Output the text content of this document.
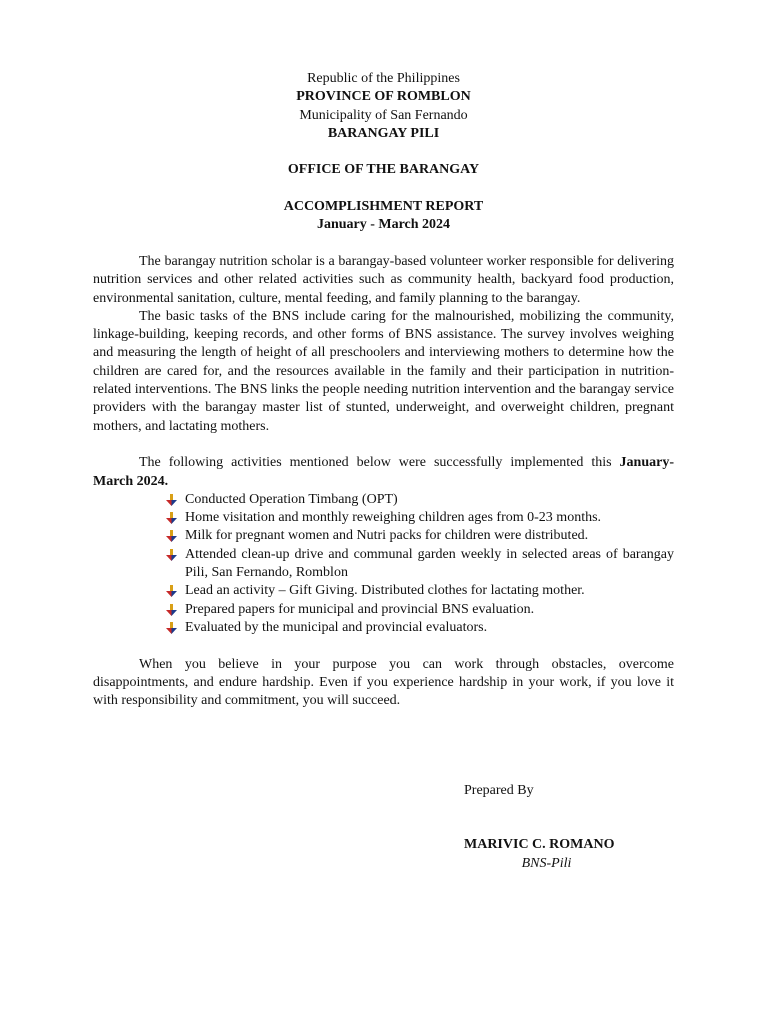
Republic of the Philippines
PROVINCE OF ROMBLON
Municipality of San Fernando
BARANGAY PILI
OFFICE OF THE BARANGAY
ACCOMPLISHMENT REPORT
January - March 2024

The barangay nutrition scholar is a barangay-based volunteer worker responsible for delivering nutrition services and other related activities such as community health, backyard food production, environmental sanitation, culture, mental feeding, and family planning to the barangay.

The basic tasks of the BNS include caring for the malnourished, mobilizing the community, linkage-building, keeping records, and other forms of BNS assistance. The survey involves weighing and measuring the length of height of all preschoolers and interviewing mothers to determine how the children are cared for, and the resources available in the family and their participation in nutrition-related interventions. The BNS links the people needing nutrition intervention and the barangay service providers with the barangay master list of stunted, underweight, and overweight children, pregnant mothers, and lactating mothers.

The following activities mentioned below were successfully implemented this January-March 2024.

Conducted Operation Timbang (OPT)
Home visitation and monthly reweighing children ages from 0-23 months.
Milk for pregnant women and Nutri packs for children were distributed.
Attended clean-up drive and communal garden weekly in selected areas of barangay Pili, San Fernando, Romblon
Lead an activity – Gift Giving. Distributed clothes for lactating mother.
Prepared papers for municipal and provincial BNS evaluation.
Evaluated by the municipal and provincial evaluators.

When you believe in your purpose you can work through obstacles, overcome disappointments, and endure hardship. Even if you experience hardship in your work, if you love it with responsibility and commitment, you will succeed.

Prepared By
MARIVIC C. ROMANO
BNS-Pili
